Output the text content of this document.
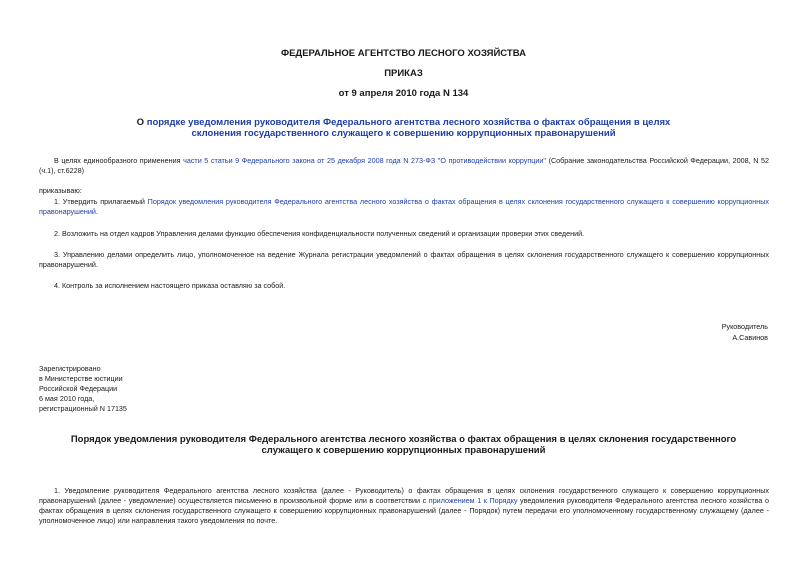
ФЕДЕРАЛЬНОЕ АГЕНТСТВО ЛЕСНОГО ХОЗЯЙСТВА
ПРИКАЗ
от 9 апреля 2010 года N 134
О порядке уведомления руководителя Федерального агентства лесного хозяйства о фактах обращения в целях склонения государственного служащего к совершению коррупционных правонарушений

В целях единообразного применения части 5 статьи 9 Федерального закона от 25 декабря 2008 года N 273-ФЗ "О противодействии коррупции" (Собрание законодательства Российской Федерации, 2008, N 52 (ч.1), ст.6228)

приказываю:

1. Утвердить прилагаемый Порядок уведомления руководителя Федерального агентства лесного хозяйства о фактах обращения в целях склонения государственного служащего к совершению коррупционных правонарушений.

2. Возложить на отдел кадров Управления делами функцию обеспечения конфиденциальности полученных сведений и организации проверки этих сведений.

3. Управлению делами определить лицо, уполномоченное на ведение Журнала регистрации уведомлений о фактах обращения в целях склонения государственного служащего к совершению коррупционных правонарушений.

4. Контроль за исполнением настоящего приказа оставляю за собой.

Руководитель
А.Савинов
Зарегистрировано
в Министерстве юстиции
Российской Федерации
6 мая 2010 года,
регистрационный N 17135
Порядок уведомления руководителя Федерального агентства лесного хозяйства о фактах обращения в целях склонения государственного служащего к совершению коррупционных правонарушений

1. Уведомление руководителя Федерального агентства лесного хозяйства (далее - Руководитель) о фактах обращения в целях склонения государственного служащего к совершению коррупционных правонарушений (далее - уведомление) осуществляется письменно в произвольной форме или в соответствии с приложением 1 к Порядку уведомления руководителя Федерального агентства лесного хозяйства о фактах обращения в целях склонения государственного служащего к совершению коррупционных правонарушений (далее - Порядок) путем передачи его уполномоченному государственному служащему (далее - уполномоченное лицо) или направления такого уведомления по почте.
